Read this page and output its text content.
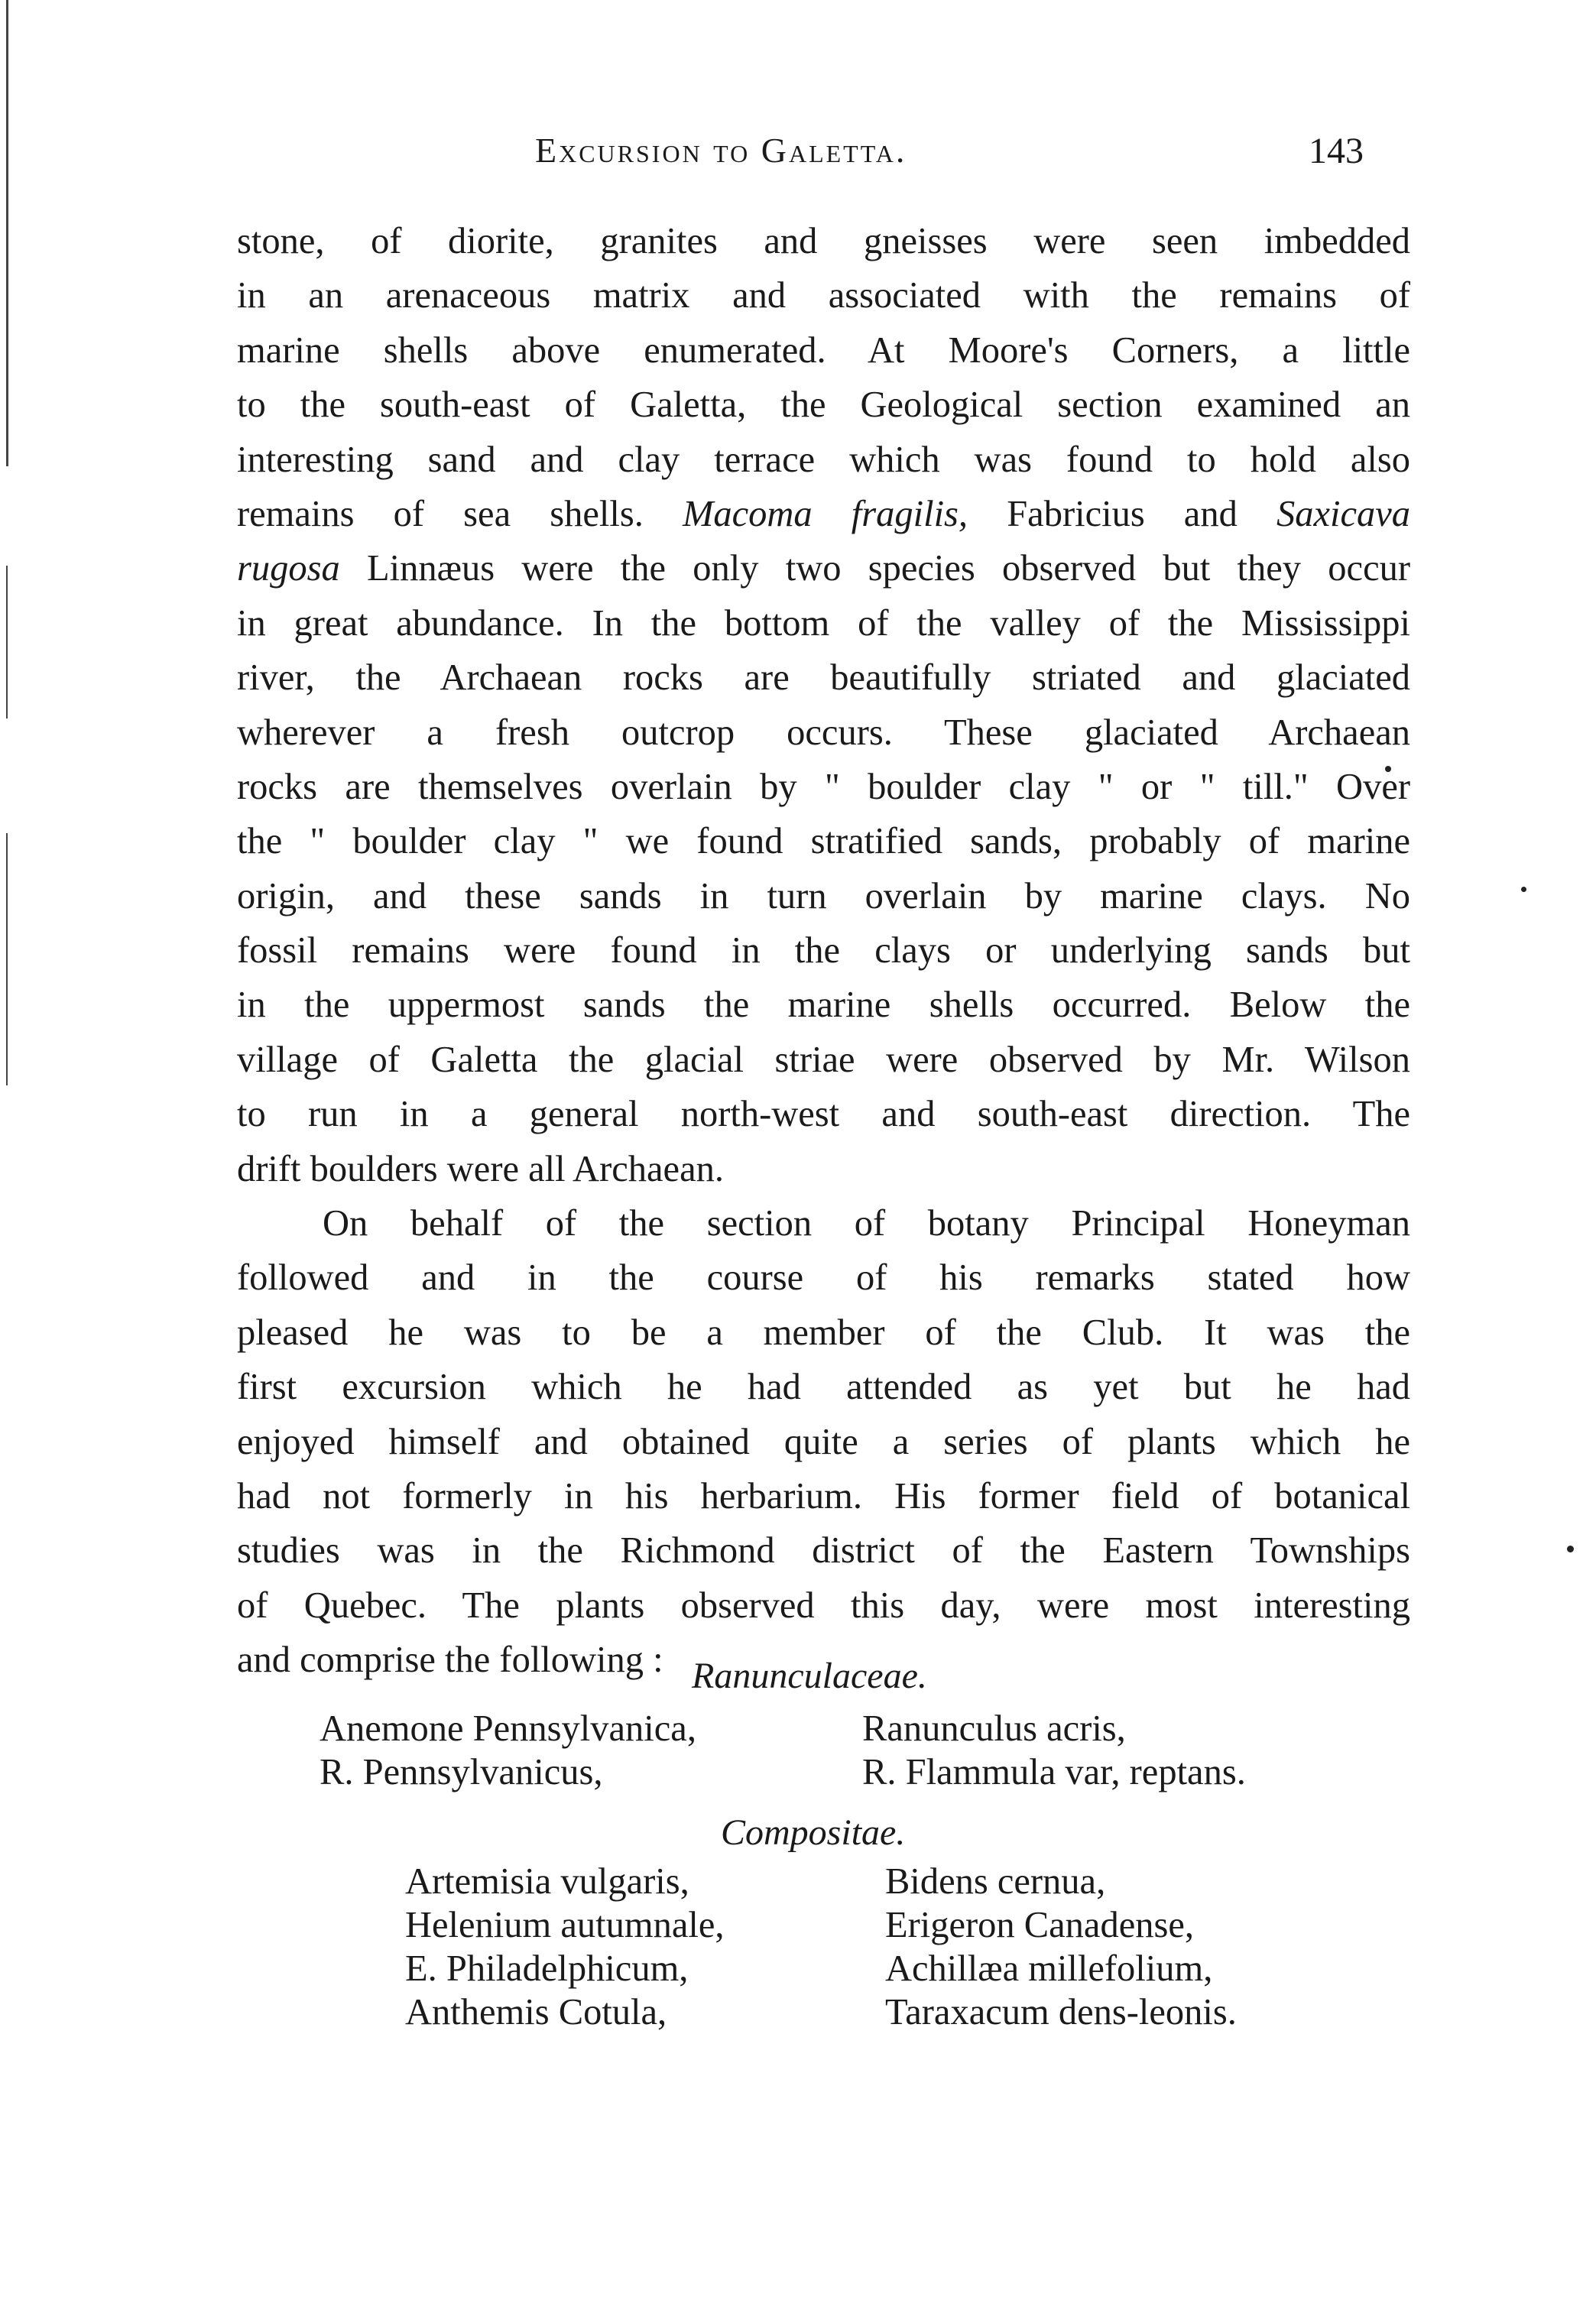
Excursion to Galetta.	143
stone, of diorite, granites and gneisses were seen imbedded
in an arenaceous matrix and associated with the remains of
marine shells above enumerated. At Moore's Corners, a little
to the south-east of Galetta, the Geological section examined an
interesting sand and clay terrace which was found to hold also
remains of sea shells. Macoma fragilis, Fabricius and Saxicava
rugosa Linnæus were the only two species observed but they occur
in great abundance. In the bottom of the valley of the Mississippi
river, the Archaean rocks are beautifully striated and glaciated
wherever a fresh outcrop occurs. These glaciated Archaean
rocks are themselves overlain by " boulder clay " or " till." Over
the " boulder clay " we found stratified sands, probably of marine
origin, and these sands in turn overlain by marine clays. No
fossil remains were found in the clays or underlying sands but
in the uppermost sands the marine shells occurred. Below the
village of Galetta the glacial striae were observed by Mr. Wilson
to run in a general north-west and south-east direction. The
drift boulders were all Archaean.
On behalf of the section of botany Principal Honeyman
followed and in the course of his remarks stated how
pleased he was to be a member of the Club. It was the
first excursion which he had attended as yet but he had
enjoyed himself and obtained quite a series of plants which he
had not formerly in his herbarium. His former field of botanical
studies was in the Richmond district of the Eastern Townships
of Quebec. The plants observed this day, were most interesting
and comprise the following : Ranunculaceae.
Anemone Pennsylvanica,
R. Pennsylvanicus,
Ranunculus acris,
R. Flammula var, reptans.
Compositae.
Artemisia vulgaris,
Helenium autumnale,
E. Philadelphicum,
Anthemis Cotula,
Bidens cernua,
Erigeron Canadense,
Achillæa millefolium,
Taraxacum dens-leonis.
